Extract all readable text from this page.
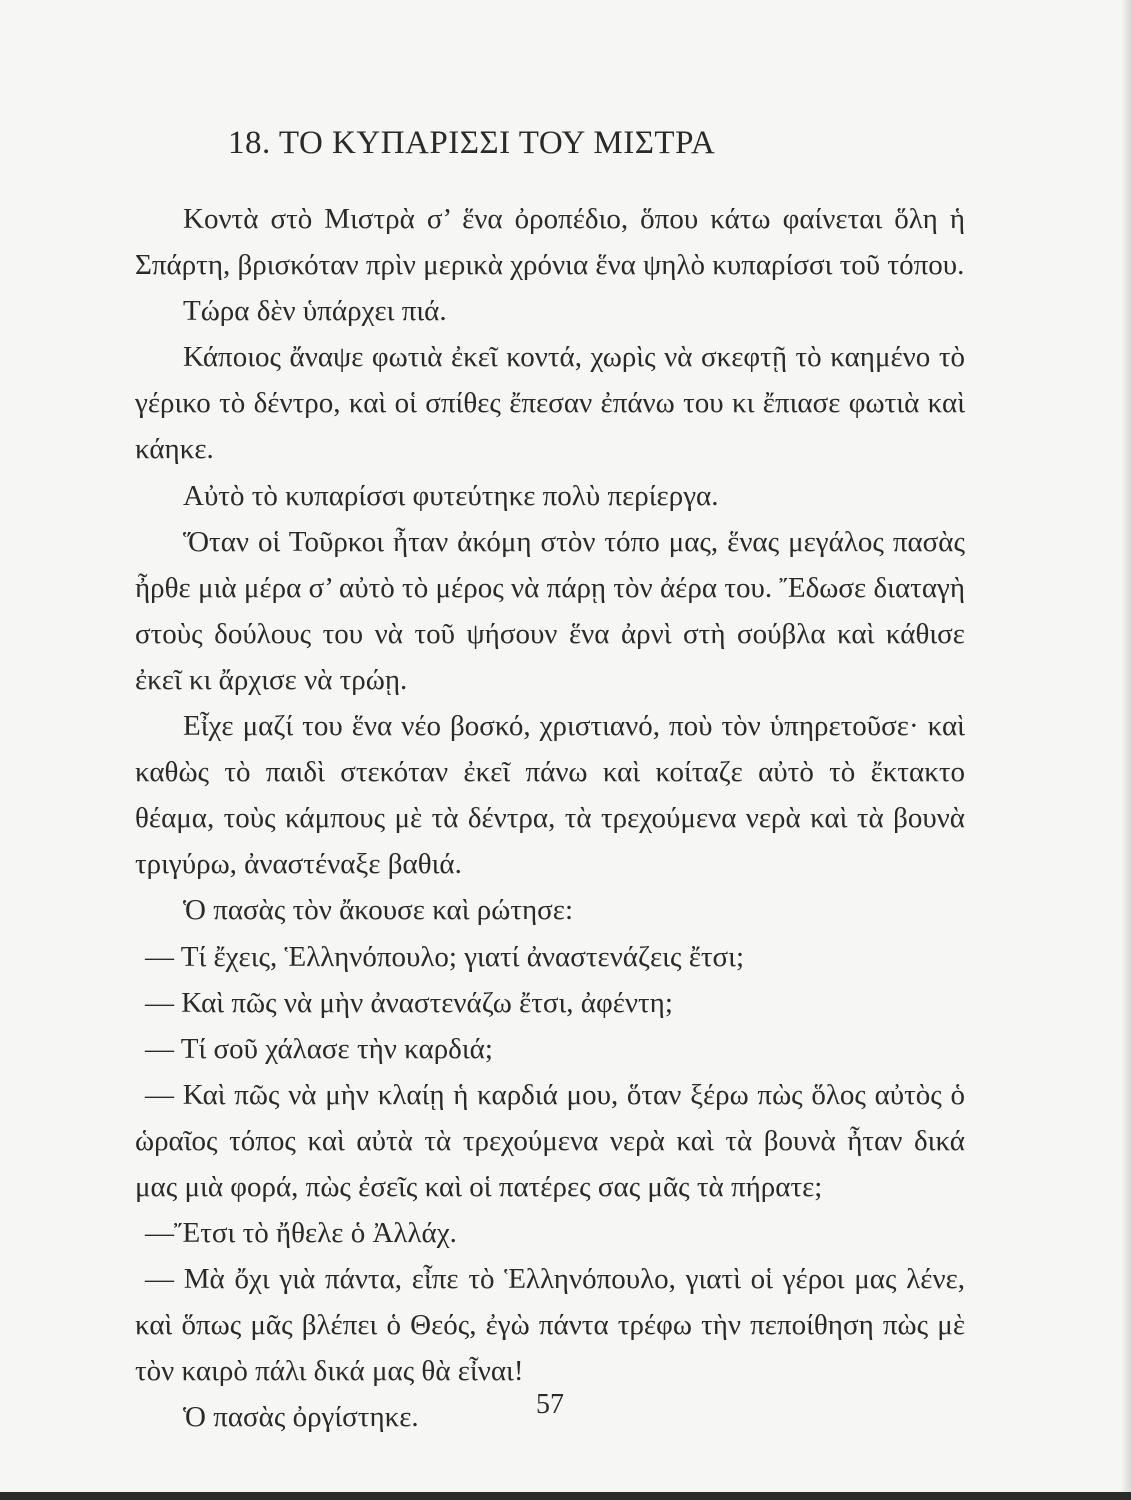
18. ΤΟ ΚΥΠΑΡΙΣΣΙ ΤΟΥ ΜΙΣΤΡΑ

Κοντὰ στὸ Μιστρὰ σ’ ἕνα ὀροπέδιο, ὅπου κάτω φαίνεται ὅλη ἡ Σπάρτη, βρισκόταν πρὶν μερικὰ χρόνια ἕνα ψηλὸ κυπαρίσσι τοῦ τόπου.

Τώρα δὲν ὑπάρχει πιά.

Κάποιος ἄναψε φωτιὰ ἐκεῖ κοντά, χωρὶς νὰ σκεφτῇ τὸ καημένο τὸ γέρικο τὸ δέντρο, καὶ οἱ σπίθες ἔπεσαν ἐπάνω του κι ἔπιασε φωτιὰ καὶ κάηκε.

Αὐτὸ τὸ κυπαρίσσι φυτεύτηκε πολὺ περίεργα.

Ὅταν οἱ Τοῦρκοι ἦταν ἀκόμη στὸν τόπο μας, ἕνας μεγάλος πασὰς ἦρθε μιὰ μέρα σ’ αὐτὸ τὸ μέρος νὰ πάρῃ τὸν ἀέρα του. Ἔδωσε διαταγὴ στοὺς δούλους του νὰ τοῦ ψήσουν ἕνα ἀρνὶ στὴ σούβλα καὶ κάθισε ἐκεῖ κι ἄρχισε νὰ τρώῃ.

Εἶχε μαζί του ἕνα νέο βοσκό, χριστιανό, ποὺ τὸν ὑπηρετοῦσε· καὶ καθὼς τὸ παιδὶ στεκόταν ἐκεῖ πάνω καὶ κοίταζε αὐτὸ τὸ ἔκτακτο θέαμα, τοὺς κάμπους μὲ τὰ δέντρα, τὰ τρεχούμενα νερὰ καὶ τὰ βουνὰ τριγύρω, ἀναστέναξε βαθιά.

Ὁ πασὰς τὸν ἄκουσε καὶ ρώτησε:

— Τί ἔχεις, Ἑλληνόπουλο; γιατί ἀναστενάζεις ἔτσι;

— Καὶ πῶς νὰ μὴν ἀναστενάζω ἔτσι, ἀφέντη;

— Τί σοῦ χάλασε τὴν καρδιά;

— Καὶ πῶς νὰ μὴν κλαίῃ ἡ καρδιά μου, ὅταν ξέρω πὼς ὅλος αὐτὸς ὁ ὡραῖος τόπος καὶ αὐτὰ τὰ τρεχούμενα νερὰ καὶ τὰ βουνὰ ἦταν δικά μας μιὰ φορά, πὼς ἐσεῖς καὶ οἱ πατέρες σας μᾶς τὰ πήρατε;

—Ἔτσι τὸ ἤθελε ὁ Ἀλλάχ.

— Μὰ ὄχι γιὰ πάντα, εἶπε τὸ Ἑλληνόπουλο, γιατὶ οἱ γέροι μας λένε, καὶ ὅπως μᾶς βλέπει ὁ Θεός, ἐγὼ πάντα τρέφω τὴν πεποίθηση πὼς μὲ τὸν καιρὸ πάλι δικά μας θὰ εἶναι!

Ὁ πασὰς ὀργίστηκε.	57
